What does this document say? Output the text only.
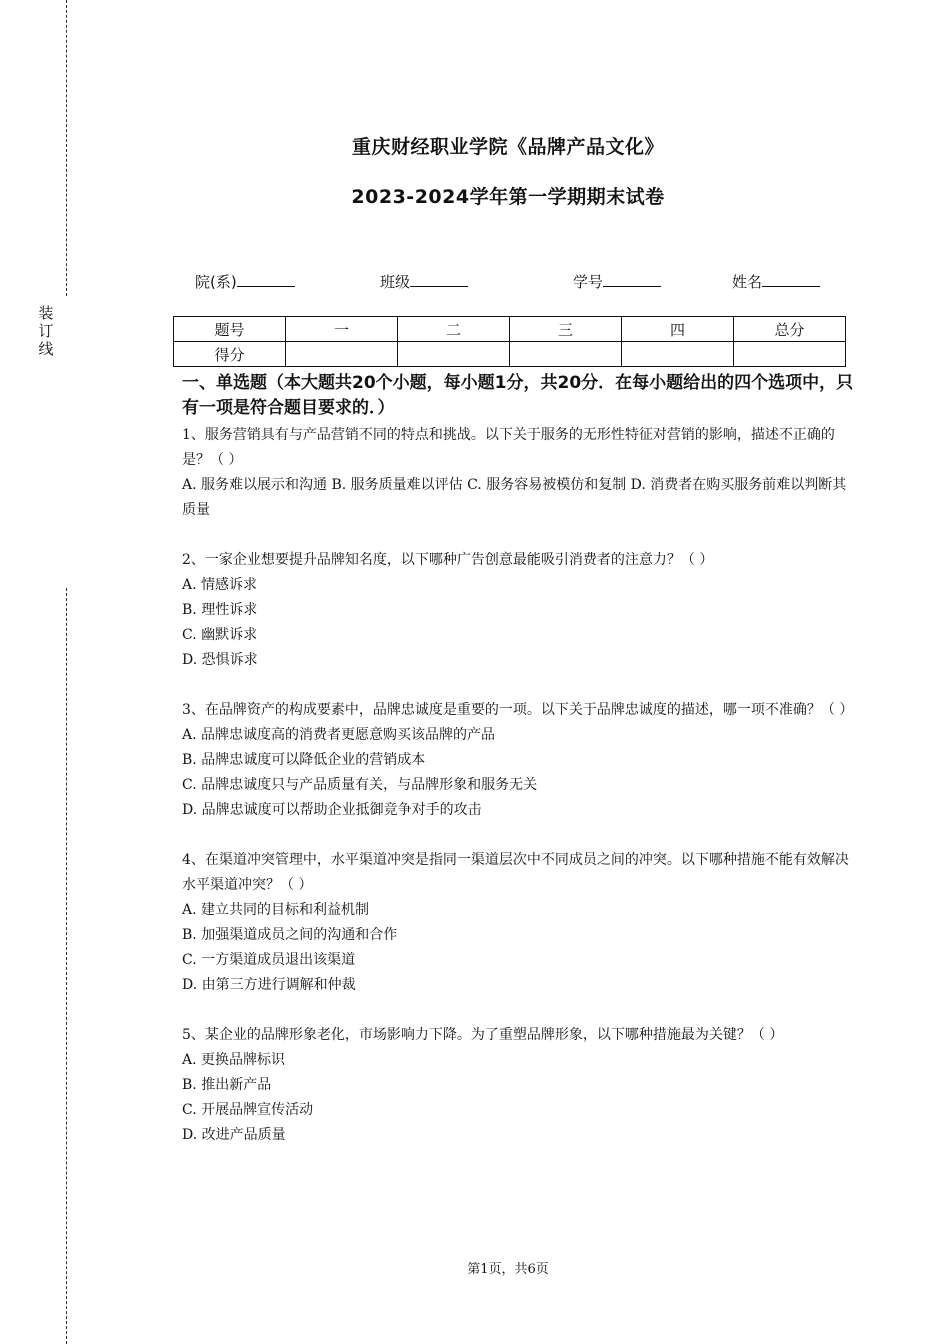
装
订
线
重庆财经职业学院《品牌产品文化》
2023-2024学年第一学期期末试卷
院(系)	班级	学号	姓名
题号	一	二	三	四	总分
得分					
一、单选题（本大题共20个小题，每小题1分，共20分．在每小题给出的四个选项中，只有一项是符合题目要求的．）

1、服务营销具有与产品营销不同的特点和挑战。以下关于服务的无形性特征对营销的影响，描述不正确的是？（ ）

A. 服务难以展示和沟通 B. 服务质量难以评估 C. 服务容易被模仿和复制 D. 消费者在购买服务前难以判断其质量

2、一家企业想要提升品牌知名度，以下哪种广告创意最能吸引消费者的注意力？（ ）

A. 情感诉求

B. 理性诉求

C. 幽默诉求

D. 恐惧诉求

3、在品牌资产的构成要素中，品牌忠诚度是重要的一项。以下关于品牌忠诚度的描述，哪一项不准确？（ ）

A. 品牌忠诚度高的消费者更愿意购买该品牌的产品

B. 品牌忠诚度可以降低企业的营销成本

C. 品牌忠诚度只与产品质量有关，与品牌形象和服务无关

D. 品牌忠诚度可以帮助企业抵御竞争对手的攻击

4、在渠道冲突管理中，水平渠道冲突是指同一渠道层次中不同成员之间的冲突。以下哪种措施不能有效解决水平渠道冲突？（ ）

A. 建立共同的目标和利益机制

B. 加强渠道成员之间的沟通和合作

C. 一方渠道成员退出该渠道

D. 由第三方进行调解和仲裁

5、某企业的品牌形象老化，市场影响力下降。为了重塑品牌形象，以下哪种措施最为关键？（ ）

A. 更换品牌标识

B. 推出新产品

C. 开展品牌宣传活动

D. 改进产品质量

第1页，共6页
